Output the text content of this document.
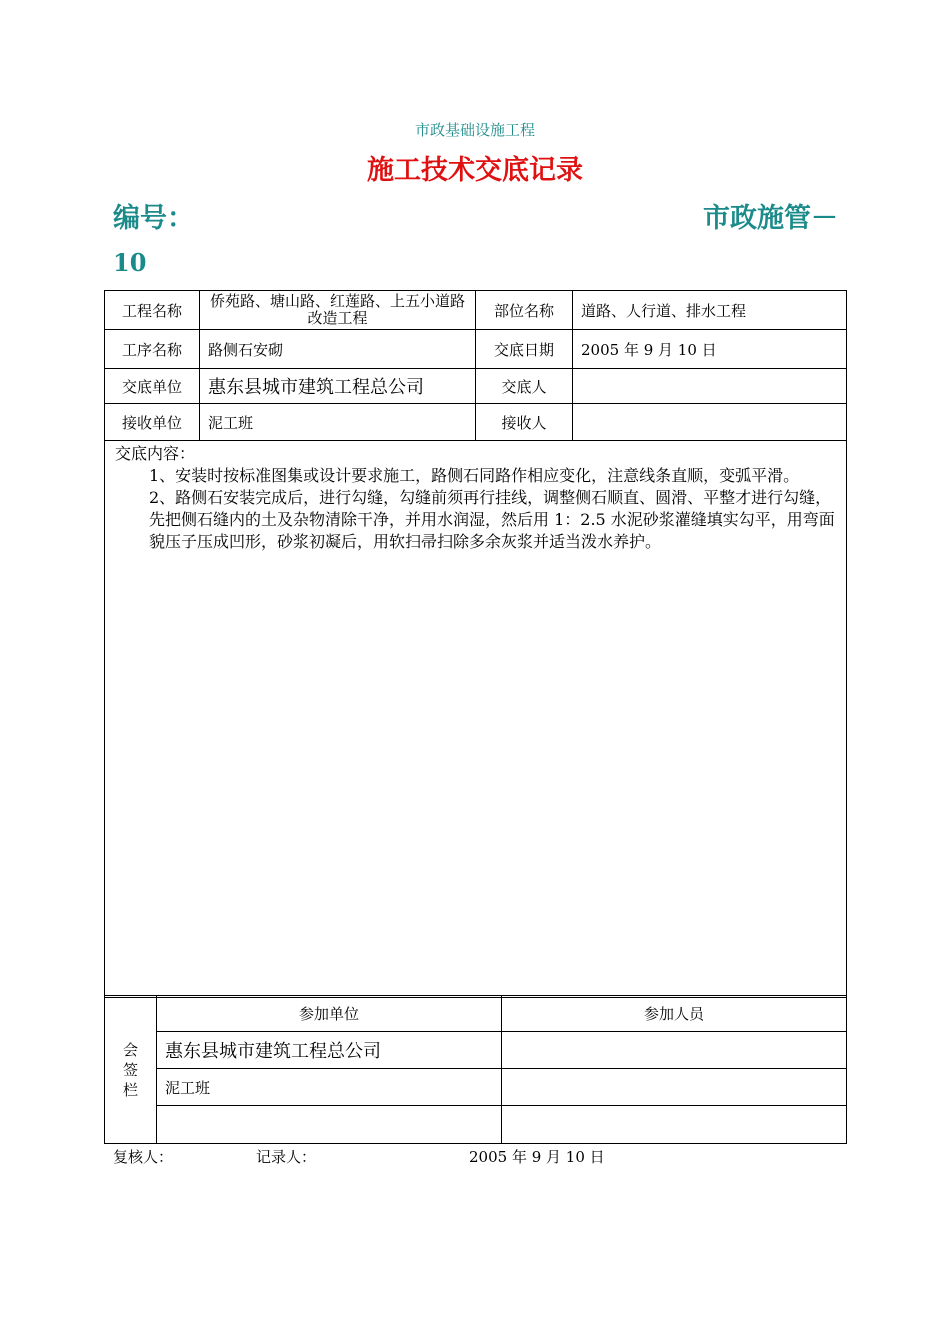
市政基础设施工程
施工技术交底记录
编号：	市政施管－
10
工程名称	侨苑路、塘山路、红莲路、上五小道路改造工程	部位名称	道路、人行道、排水工程
工序名称	路侧石安砌	交底日期	2005 年 9 月 10 日
交底单位	惠东县城市建筑工程总公司	交底人	
接收单位	泥工班	接收人	

交底内容：
1、安装时按标准图集或设计要求施工，路侧石同路作相应变化，注意线条直顺，变弧平滑。
2、路侧石安装完成后，进行勾缝，勾缝前须再行挂线，调整侧石顺直、圆滑、平整才进行勾缝，先把侧石缝内的土及杂物清除干净，并用水润湿，然后用 1：2.5 水泥砂浆灌缝填实勾平，用弯面貌压子压成凹形，砂浆初凝后，用软扫帚扫除多余灰浆并适当泼水养护。			
会签栏	参加单位	参加人员
	惠东县城市建筑工程总公司	
	泥工班	

复核人：	记录人：	2005 年 9 月 10 日
